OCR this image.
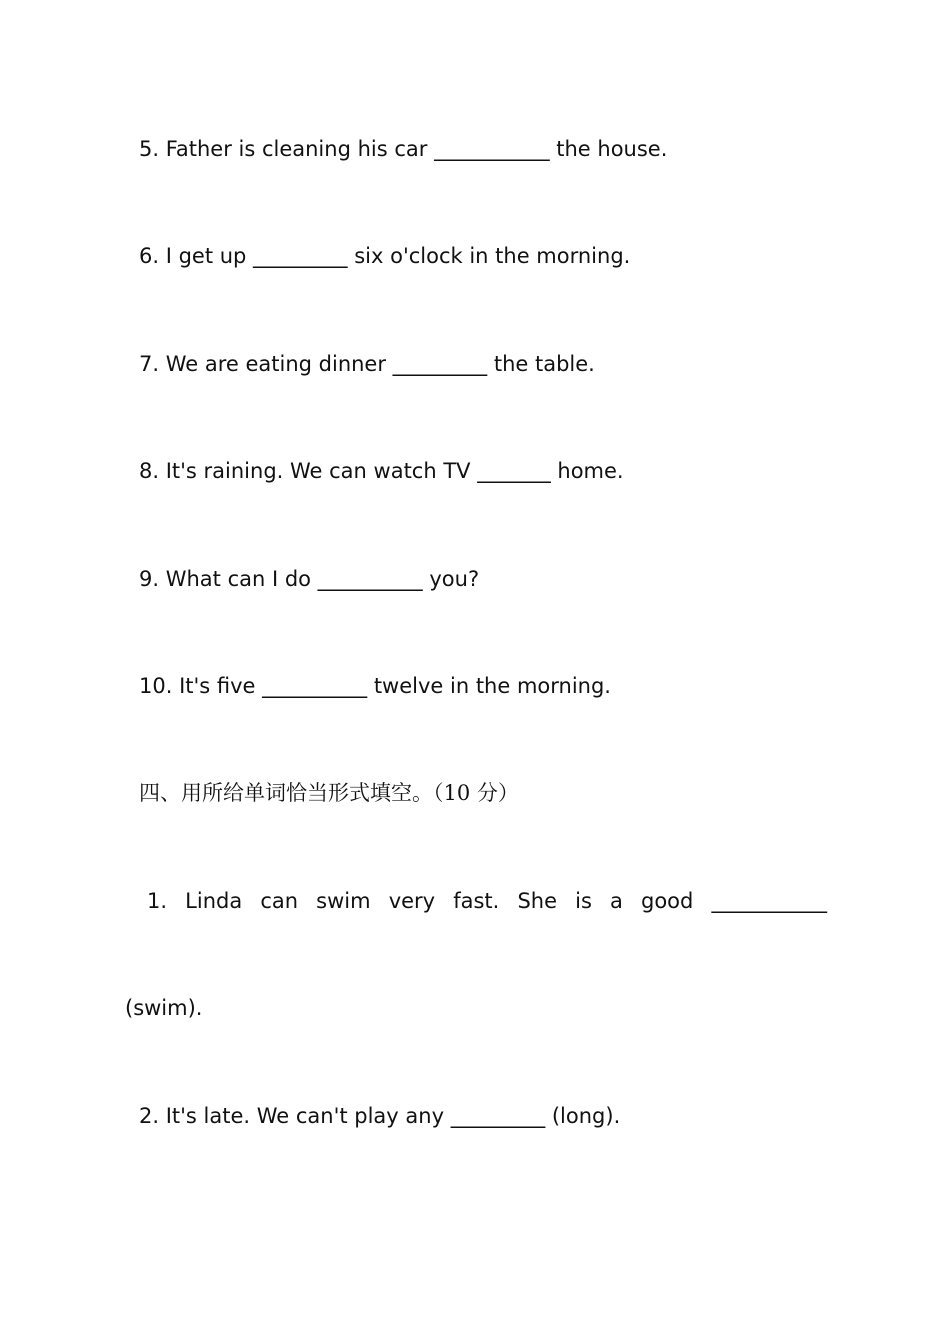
5. Father is cleaning his car ___________ the house.
6. I get up _________ six o'clock in the morning.
7. We are eating dinner _________ the table.
8. It's raining. We can watch TV _______ home.
9. What can I do __________ you?
10. It's five __________ twelve in the morning.
四、用所给单词恰当形式填空。（10 分）
1. Linda can swim very fast. She is a good ___________
(swim).
2. It's late. We can't play any _________ (long).
